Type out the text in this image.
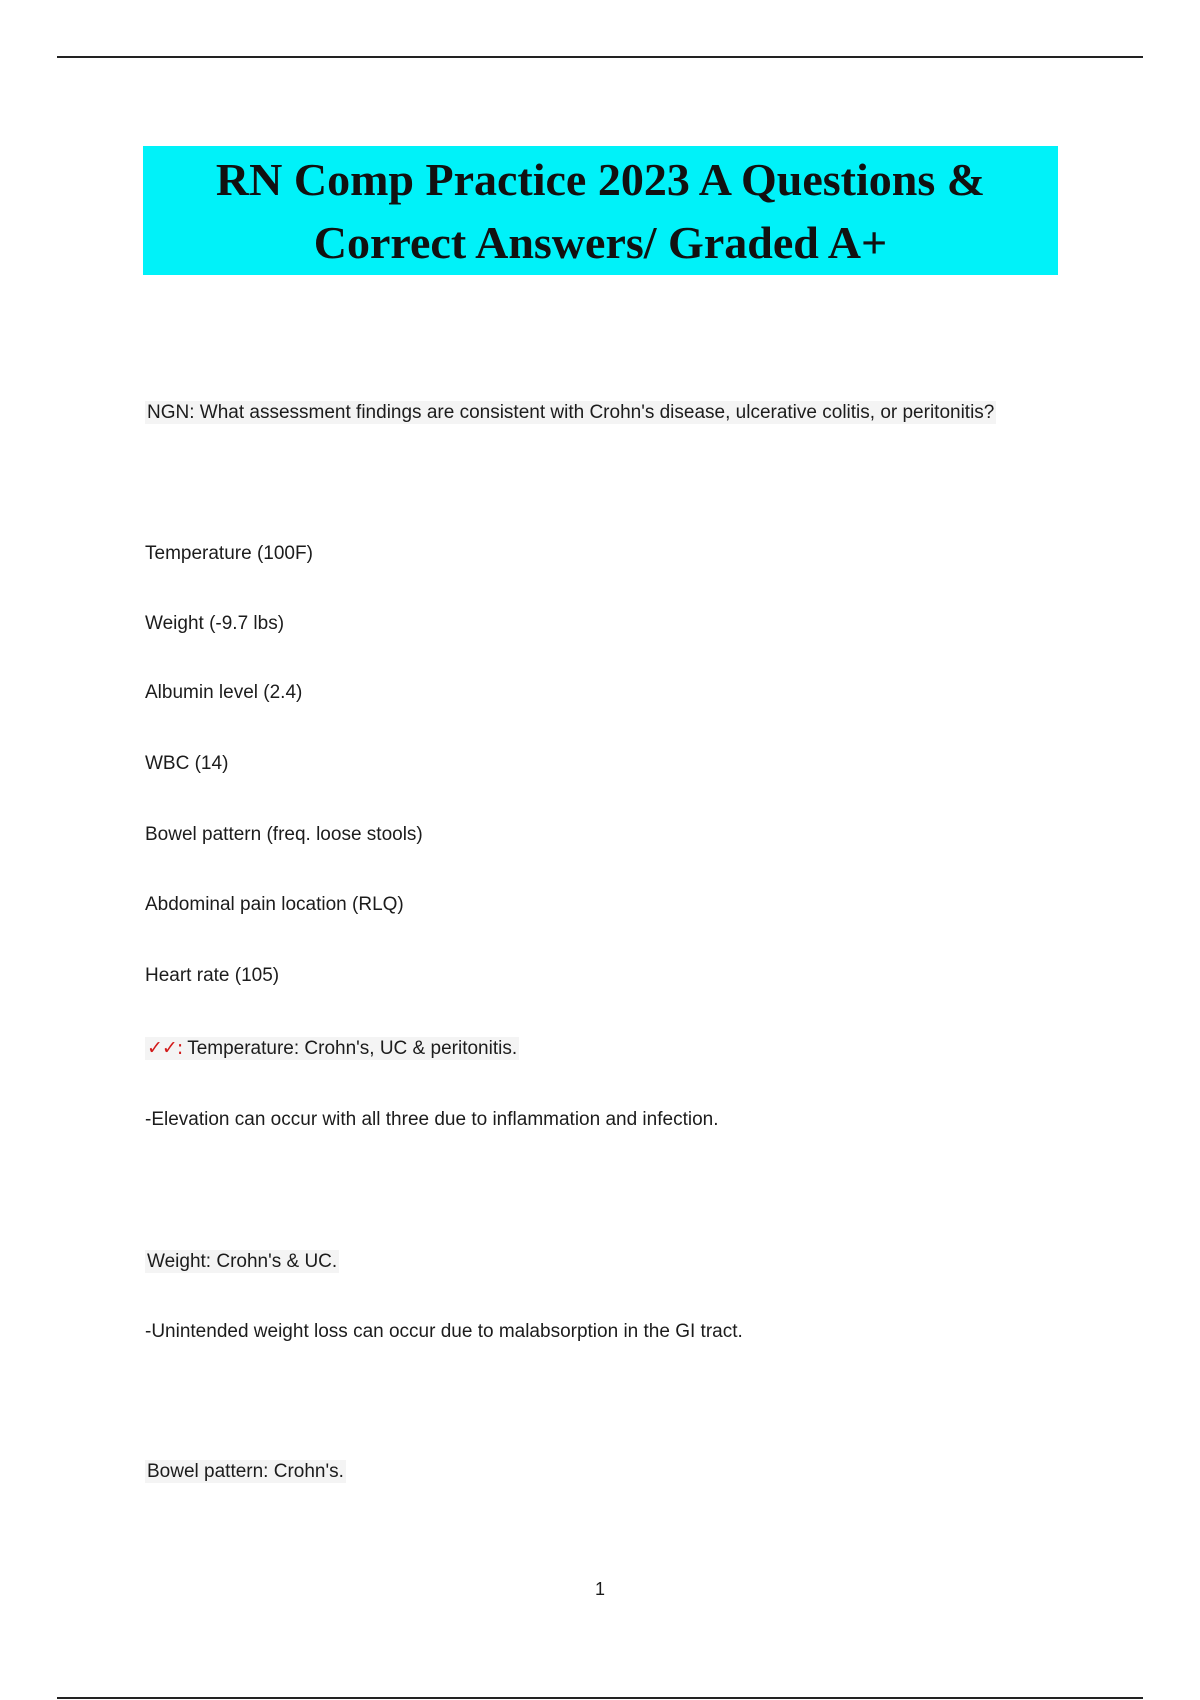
RN Comp Practice 2023 A Questions &
Correct Answers/ Graded A+
NGN: What assessment findings are consistent with Crohn's disease, ulcerative colitis, or peritonitis?
Temperature (100F)
Weight (-9.7 lbs)
Albumin level (2.4)
WBC (14)
Bowel pattern (freq. loose stools)
Abdominal pain location (RLQ)
Heart rate (105)
✓✓: Temperature: Crohn's, UC & peritonitis.
-Elevation can occur with all three due to inflammation and infection.
Weight: Crohn's & UC.
-Unintended weight loss can occur due to malabsorption in the GI tract.
Bowel pattern: Crohn's.
1
